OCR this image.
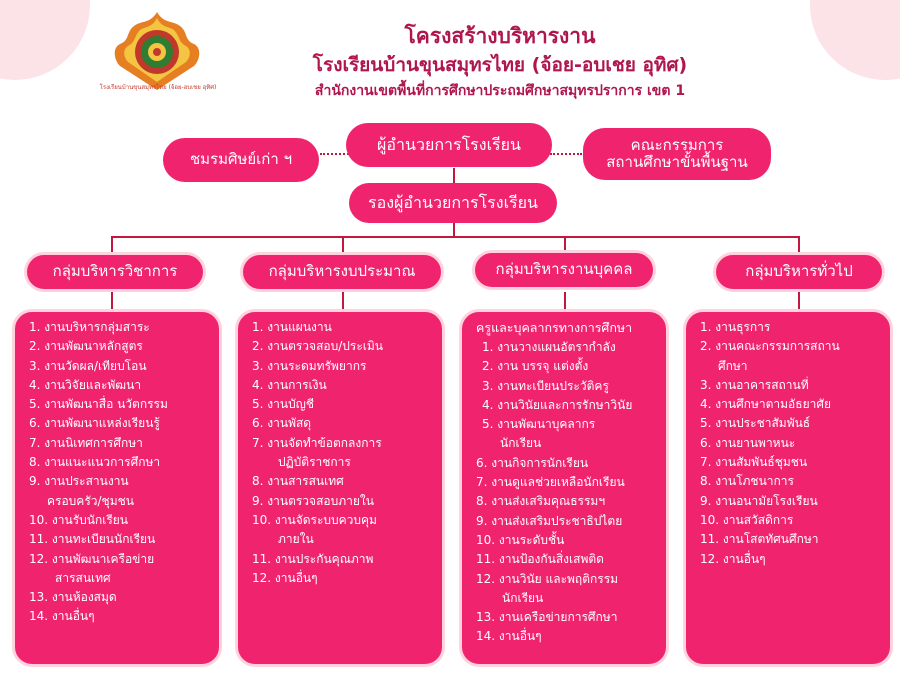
โรงเรียนบ้านขุนสมุทรไทย (จ้อย-อบเชย อุทิศ)
โครงสร้างบริหารงาน
โรงเรียนบ้านขุนสมุทรไทย (จ้อย-อบเชย อุทิศ)
สำนักงานเขตพื้นที่การศึกษาประถมศึกษาสมุทรปราการ เขต 1
ผู้อำนวยการโรงเรียน
ชมรมศิษย์เก่า ฯ
คณะกรรมการ
สถานศึกษาขั้นพื้นฐาน
รองผู้อำนวยการโรงเรียน
กลุ่มบริหารวิชาการ	กลุ่มบริหารงบประมาณ	กลุ่มบริหารงานบุคคล	กลุ่มบริหารทั่วไป
1. งานบริหารกลุ่มสาระ
2. งานพัฒนาหลักสูตร
3. งานวัดผล/เทียบโอน
4. งานวิจัยและพัฒนา
5. งานพัฒนาสื่อ นวัตกรรม
6. งานพัฒนาแหล่งเรียนรู้
7. งานนิเทศการศึกษา
8. งานแนะแนวการศึกษา
9. งานประสานงาน
ครอบครัว/ชุมชน
10. งานรับนักเรียน
11. งานทะเบียนนักเรียน
12. งานพัฒนาเครือข่าย
สารสนเทศ
13. งานห้องสมุด
14. งานอื่นๆ
1. งานแผนงาน
2. งานตรวจสอบ/ประเมิน
3. งานระดมทรัพยากร
4. งานการเงิน
5. งานบัญชี
6. งานพัสดุ
7. งานจัดทำข้อตกลงการ
ปฏิบัติราชการ
8. งานสารสนเทศ
9. งานตรวจสอบภายใน
10. งานจัดระบบควบคุม
ภายใน
11. งานประกันคุณภาพ
12. งานอื่นๆ
ครูและบุคลากรทางการศึกษา
1. งานวางแผนอัตรากำลัง
2. งาน บรรจุ แต่งตั้ง
3. งานทะเบียนประวัติครู
4. งานวินัยและการรักษาวินัย
5. งานพัฒนาบุคลากร
นักเรียน
6. งานกิจการนักเรียน
7. งานดูแลช่วยเหลือนักเรียน
8. งานส่งเสริมคุณธรรมฯ
9. งานส่งเสริมประชาธิปไตย
10. งานระดับชั้น
11. งานป้องกันสิ่งเสพติด
12. งานวินัย และพฤติกรรม
นักเรียน
13. งานเครือข่ายการศึกษา
14. งานอื่นๆ
1. งานธุรการ
2. งานคณะกรรมการสถาน
ศึกษา
3. งานอาคารสถานที่
4. งานศึกษาตามอัธยาศัย
5. งานประชาสัมพันธ์
6. งานยานพาหนะ
7. งานสัมพันธ์ชุมชน
8. งานโภชนาการ
9. งานอนามัยโรงเรียน
10. งานสวัสดิการ
11. งานโสตทัศนศึกษา
12. งานอื่นๆ
